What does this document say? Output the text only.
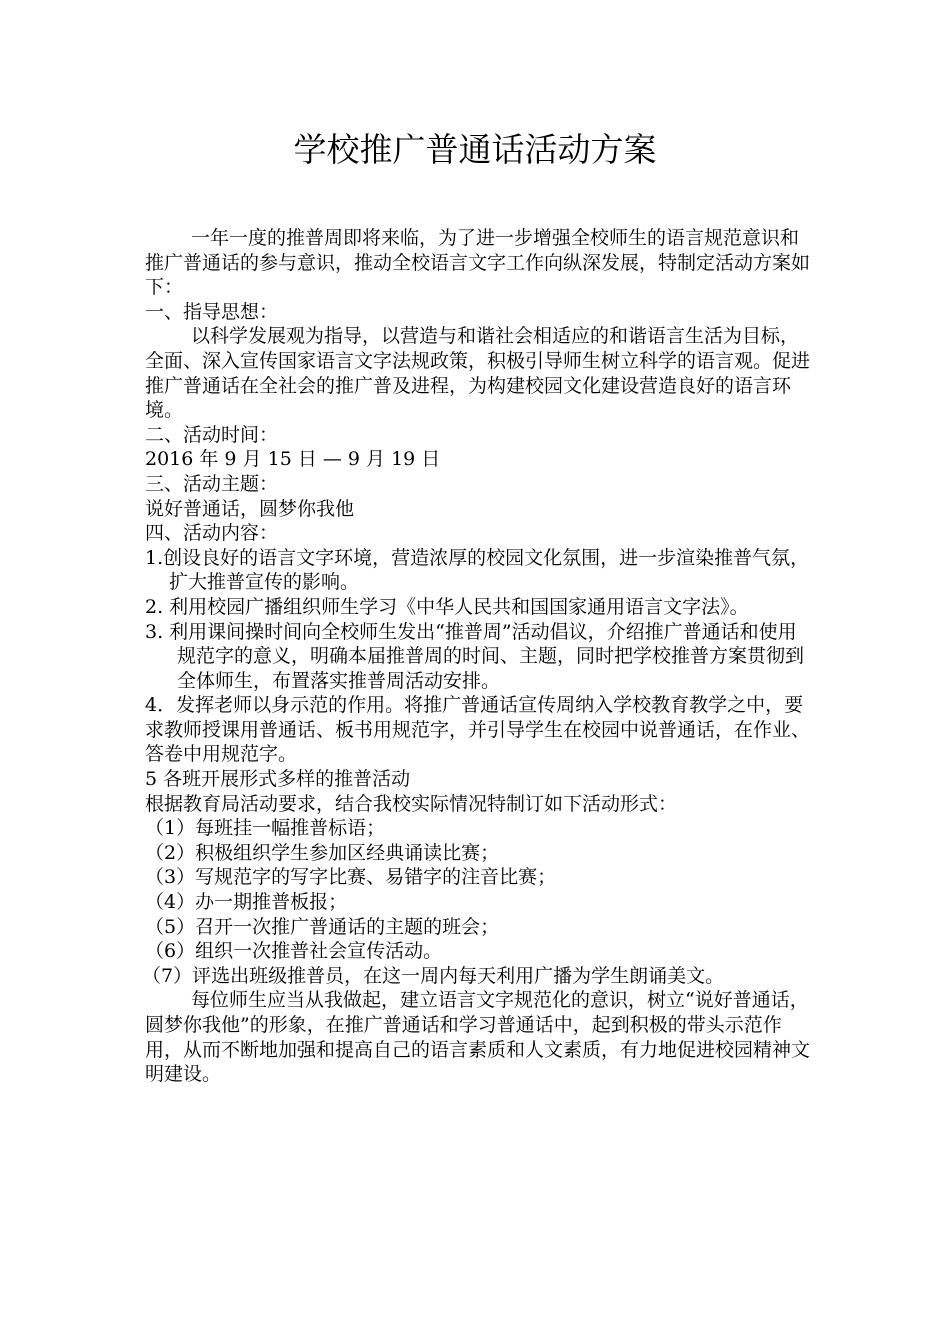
学校推广普通话活动方案

一年一度的推普周即将来临，为了进一步增强全校师生的语言规范意识和推广普通话的参与意识，推动全校语言文字工作向纵深发展，特制定活动方案如下：

一、指导思想：

以科学发展观为指导，以营造与和谐社会相适应的和谐语言生活为目标，全面、深入宣传国家语言文字法规政策，积极引导师生树立科学的语言观。促进推广普通话在全社会的推广普及进程，为构建校园文化建设营造良好的语言环境。

二、活动时间：

2016 年 9 月 15 日 — 9 月 19 日

三、活动主题：

说好普通话，圆梦你我他

四、活动内容：

1.创设良好的语言文字环境，营造浓厚的校园文化氛围，进一步渲染推普气氛，扩大推普宣传的影响。

2. 利用校园广播组织师生学习《中华人民共和国国家通用语言文字法》。

3. 利用课间操时间向全校师生发出“推普周”活动倡议，介绍推广普通话和使用规范字的意义，明确本届推普周的时间、主题，同时把学校推普方案贯彻到全体师生，布置落实推普周活动安排。

4．发挥老师以身示范的作用。将推广普通话宣传周纳入学校教育教学之中，要求教师授课用普通话、板书用规范字，并引导学生在校园中说普通话，在作业、答卷中用规范字。

5 各班开展形式多样的推普活动

根据教育局活动要求，结合我校实际情况特制订如下活动形式：

（1）每班挂一幅推普标语；

（2）积极组织学生参加区经典诵读比赛；

（3）写规范字的写字比赛、易错字的注音比赛；

（4）办一期推普板报；

（5）召开一次推广普通话的主题的班会；

（6）组织一次推普社会宣传活动。

（7）评选出班级推普员，在这一周内每天利用广播为学生朗诵美文。

每位师生应当从我做起，建立语言文字规范化的意识，树立“说好普通话，圆梦你我他”的形象，在推广普通话和学习普通话中，起到积极的带头示范作用，从而不断地加强和提高自己的语言素质和人文素质，有力地促进校园精神文明建设。
